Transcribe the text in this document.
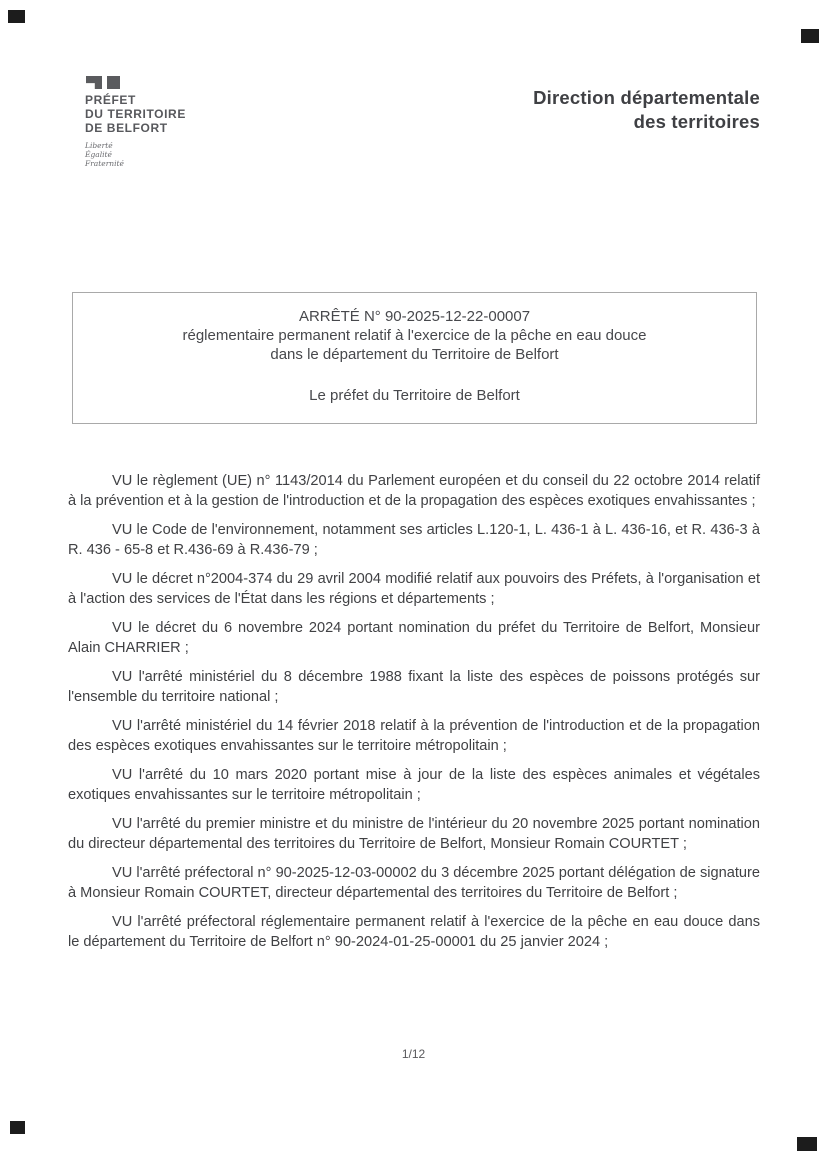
PRÉFET
DU TERRITOIRE
DE BELFORT
Liberté
Égalité
Fraternité
Direction départementale
des territoires
ARRÊTÉ N° 90-2025-12-22-00007
réglementaire permanent relatif à l'exercice de la pêche en eau douce
dans le département du Territoire de Belfort
Le préfet du Territoire de Belfort

VU le règlement (UE) n° 1143/2014 du Parlement européen et du conseil du 22 octobre 2014 relatif à la prévention et à la gestion de l'introduction et de la propagation des espèces exotiques envahissantes ;

VU le Code de l'environnement, notamment ses articles L.120-1, L. 436-1 à L. 436-16, et R. 436-3 à R. 436 - 65-8 et R.436-69 à R.436-79 ;

VU le décret n°2004-374 du 29 avril 2004 modifié relatif aux pouvoirs des Préfets, à l'organisation et à l'action des services de l'État dans les régions et départements ;

VU le décret du 6 novembre 2024 portant nomination du préfet du Territoire de Belfort, Monsieur Alain CHARRIER ;

VU l'arrêté ministériel du 8 décembre 1988 fixant la liste des espèces de poissons protégés sur l'ensemble du territoire national ;

VU l'arrêté ministériel du 14 février 2018 relatif à la prévention de l'introduction et de la propagation des espèces exotiques envahissantes sur le territoire métropolitain ;

VU l'arrêté du 10 mars 2020 portant mise à jour de la liste des espèces animales et végétales exotiques envahissantes sur le territoire métropolitain ;

VU l'arrêté du premier ministre et du ministre de l'intérieur du 20 novembre 2025 portant nomination du directeur départemental des territoires du Territoire de Belfort, Monsieur Romain COURTET ;

VU l'arrêté préfectoral n° 90-2025-12-03-00002 du 3 décembre 2025 portant délégation de signature à Monsieur Romain COURTET, directeur départemental des territoires du Territoire de Belfort ;

VU l'arrêté préfectoral réglementaire permanent relatif à l'exercice de la pêche en eau douce dans le département du Territoire de Belfort n° 90-2024-01-25-00001 du 25 janvier 2024 ;

1/12
